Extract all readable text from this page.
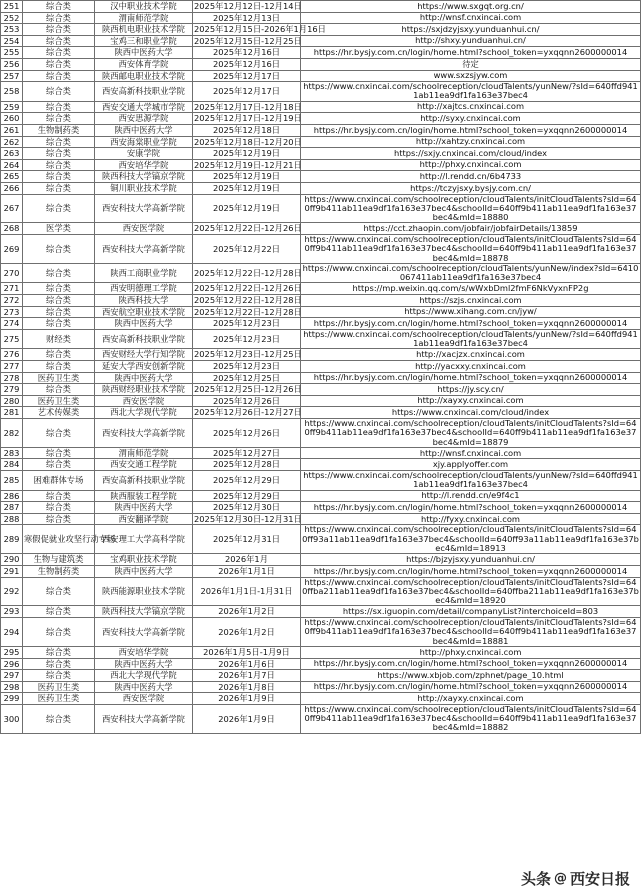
251	综合类	汉中职业技术学院	2025年12月12日-12月14日	https://www.sxgqt.org.cn/
252	综合类	渭南师范学院	2025年12月13日	http://wnsf.cnxincai.com
253	综合类	陕西机电职业技术学院	2025年12月15日-2026年1月16日	https://sxjdzyjsxy.yunduanhui.cn/
254	综合类	宝鸡三和职业学院	2025年12月15日-12月25日	http://shxy.yunduanhui.cn/
255	综合类	陕西中医药大学	2025年12月16日	https://hr.bysjy.com.cn/login/home.html?school_token=yxqqnn2600000014
256	综合类	西安体育学院	2025年12月16日	待定
257	综合类	陕西邮电职业技术学院	2025年12月17日	www.sxzsjyw.com
258	综合类	西安高新科技职业学院	2025年12月17日	https://www.cnxincai.com/schoolreception/cloudTalents/yunNew/?sId=640ffd9411ab11ea9df1fa163e37bec4
259	综合类	西安交通大学城市学院	2025年12月17日-12月18日	http://xajtcs.cnxincai.com
260	综合类	西安思源学院	2025年12月17日-12月19日	http://syxy.cnxincai.com
261	生物制药类	陕西中医药大学	2025年12月18日	https://hr.bysjy.com.cn/login/home.html?school_token=yxqqnn2600000014
262	综合类	西安海棠职业学院	2025年12月18日-12月20日	http://xahtzy.cnxincai.com
263	综合类	安康学院	2025年12月19日	https://sxjy.cnxincai.com/cloud/index
264	综合类	西安培华学院	2025年12月19日-12月21日	http://phxy.cnxincai.com
265	综合类	陕西科技大学镐京学院	2025年12月19日	http://l.rendd.cn/6b4733
266	综合类	铜川职业技术学院	2025年12月19日	https://tczyjsxy.bysjy.com.cn/
267	综合类	西安科技大学高新学院	2025年12月19日	https://www.cnxincai.com/schoolreception/cloudTalents/initCloudTalents?sId=640ff9b411ab11ea9df1fa163e37bec4&schoolId=640ff9b411ab11ea9df1fa163e37bec4&mId=18880
268	医学类	西安医学院	2025年12月22日-12月26日	https://cct.zhaopin.com/jobfair/jobfairDetails/13859
269	综合类	西安科技大学高新学院	2025年12月22日	https://www.cnxincai.com/schoolreception/cloudTalents/initCloudTalents?sId=640ff9b411ab11ea9df1fa163e37bec4&schoolId=640ff9b411ab11ea9df1fa163e37bec4&mId=18878
270	综合类	陕西工商职业学院	2025年12月22日-12月28日	https://www.cnxincai.com/schoolreception/cloudTalents/yunNew/index?sId=6410067411ab11ea9df1fa163e37bec4
271	综合类	西安明德理工学院	2025年12月22日-12月26日	https://mp.weixin.qq.com/s/wWxbDml2fmF6NkVyxnFP2g
272	综合类	陕西科技大学	2025年12月22日-12月28日	https://szjs.cnxincai.com
273	综合类	西安航空职业技术学院	2025年12月22日-12月28日	https://www.xihang.com.cn/jyw/
274	综合类	陕西中医药大学	2025年12月23日	https://hr.bysjy.com.cn/login/home.html?school_token=yxqqnn2600000014
275	财经类	西安高新科技职业学院	2025年12月23日	https://www.cnxincai.com/schoolreception/cloudTalents/yunNew/?sId=640ffd9411ab11ea9df1fa163e37bec4
276	综合类	西安财经大学行知学院	2025年12月23日-12月25日	http://xacjzx.cnxincai.com
277	综合类	延安大学西安创新学院	2025年12月23日	http://yacxxy.cnxincai.com
278	医药卫生类	陕西中医药大学	2025年12月25日	https://hr.bysjy.com.cn/login/home.html?school_token=yxqqnn2600000014
279	综合类	陕西财经职业技术学院	2025年12月25日-12月26日	https://jy.scy.cn/
280	医药卫生类	西安医学院	2025年12月26日	http://xayxy.cnxincai.com
281	艺术传媒类	西北大学现代学院	2025年12月26日-12月27日	https://www.cnxincai.com/cloud/index
282	综合类	西安科技大学高新学院	2025年12月26日	https://www.cnxincai.com/schoolreception/cloudTalents/initCloudTalents?sId=640ff9b411ab11ea9df1fa163e37bec4&schoolId=640ff9b411ab11ea9df1fa163e37bec4&mId=18879
283	综合类	渭南师范学院	2025年12月27日	http://wnsf.cnxincai.com
284	综合类	西安交通工程学院	2025年12月28日	xjy.applyoffer.com
285	困难群体专场	西安高新科技职业学院	2025年12月29日	https://www.cnxincai.com/schoolreception/cloudTalents/yunNew/?sId=640ffd9411ab11ea9df1fa163e37bec4
286	综合类	陕西服装工程学院	2025年12月29日	http://l.rendd.cn/e9f4c1
287	综合类	陕西中医药大学	2025年12月30日	https://hr.bysjy.com.cn/login/home.html?school_token=yxqqnn2600000014
288	综合类	西安翻译学院	2025年12月30日-12月31日	http://fyxy.cnxincai.com
289	寒假促就业攻坚行动专场	西安理工大学高科学院	2025年12月31日	https://www.cnxincai.com/schoolreception/cloudTalents/initCloudTalents?sId=640ff93a11ab11ea9df1fa163e37bec4&schoolId=640ff93a11ab11ea9df1fa163e37bec4&mId=18913
290	生物与建筑类	宝鸡职业技术学院	2026年1月	https://bjzyjsxy.yunduanhui.cn/
291	生物制药类	陕西中医药大学	2026年1月1日	https://hr.bysjy.com.cn/login/home.html?school_token=yxqqnn2600000014
292	综合类	陕西能源职业技术学院	2026年1月1日-1月31日	https://www.cnxincai.com/schoolreception/cloudTalents/initCloudTalents?sId=640ffba211ab11ea9df1fa163e37bec4&schoolId=640ffba211ab11ea9df1fa163e37bec4&mId=18920
293	综合类	陕西科技大学镐京学院	2026年1月2日	https://sx.iguopin.com/detail/companyList?interchoiceId=803
294	综合类	西安科技大学高新学院	2026年1月2日	https://www.cnxincai.com/schoolreception/cloudTalents/initCloudTalents?sId=640ff9b411ab11ea9df1fa163e37bec4&schoolId=640ff9b411ab11ea9df1fa163e37bec4&mId=18881
295	综合类	西安培华学院	2026年1月5日-1月9日	http://phxy.cnxincai.com
296	综合类	陕西中医药大学	2026年1月6日	https://hr.bysjy.com.cn/login/home.html?school_token=yxqqnn2600000014
297	综合类	西北大学现代学院	2026年1月7日	https://www.xbjob.com/zphnet/page_10.html
298	医药卫生类	陕西中医药大学	2026年1月8日	https://hr.bysjy.com.cn/login/home.html?school_token=yxqqnn2600000014
299	医药卫生类	西安医学院	2026年1月9日	http://xayxy.cnxincai.com
300	综合类	西安科技大学高新学院	2026年1月9日	https://www.cnxincai.com/schoolreception/cloudTalents/initCloudTalents?sId=640ff9b411ab11ea9df1fa163e37bec4&schoolId=640ff9b411ab11ea9df1fa163e37bec4&mId=18882
头条 @ 西安日报
